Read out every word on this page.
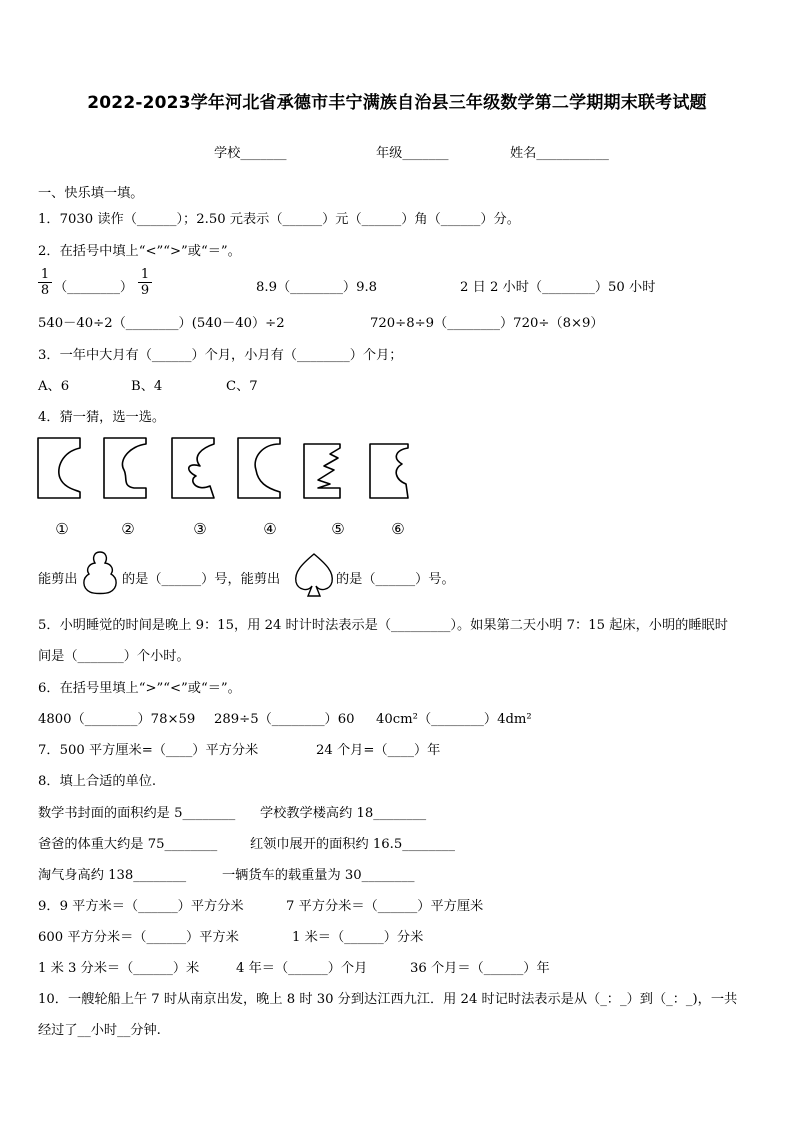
2022-2023学年河北省承德市丰宁满族自治县三年级数学第二学期期末联考试题
学校_______	年级_______	姓名___________
一、快乐填一填。
1．7030 读作（______）；2.50 元表示（______）元（______）角（______）分。
2．在括号中填上“<”“>”或“＝”。
$\frac{1}{8}$ （________） $\frac{1}{9}$	8.9（________）9.8	2 日 2 小时（________）50 小时
540－40÷2（________）(540－40）÷2	720÷8÷9（________）720÷（8×9）
3．一年中大月有（______）个月，小月有（________）个月；
A、6	B、4	C、7
4．猜一猜，选一选。
①	②	③	④	⑤	⑥
能剪出	的是（______）号，能剪出	的是（______）号。
5．小明睡觉的时间是晚上 9：15，用 24 时计时法表示是（_________）。如果第二天小明 7：15 起床，小明的睡眠时
间是（_______）个小时。
6．在括号里填上“>”“<”或“＝”。
4800（________）78×59 289÷5（________）60 40cm²（________）4dm²
7．500 平方厘米=（____）平方分米	24 个月=（____）年
8．填上合适的单位.
数学书封面的面积约是 5________ 学校教学楼高约 18________
爸爸的体重大约是 75________ 红领巾展开的面积约 16.5________
淘气身高约 138________	一辆货车的载重量为 30________
9．9 平方米＝（______）平方分米	7 平方分米＝（______）平方厘米
600 平方分米＝（______）平方米	1 米＝（______）分米
1 米 3 分米＝（______）米	4 年＝（______）个月	36 个月＝（______）年
10．一艘轮船上午 7 时从南京出发，晚上 8 时 30 分到达江西九江．用 24 时记时法表示是从（_：_）到（_：_)，一共
经过了__小时__分钟.
